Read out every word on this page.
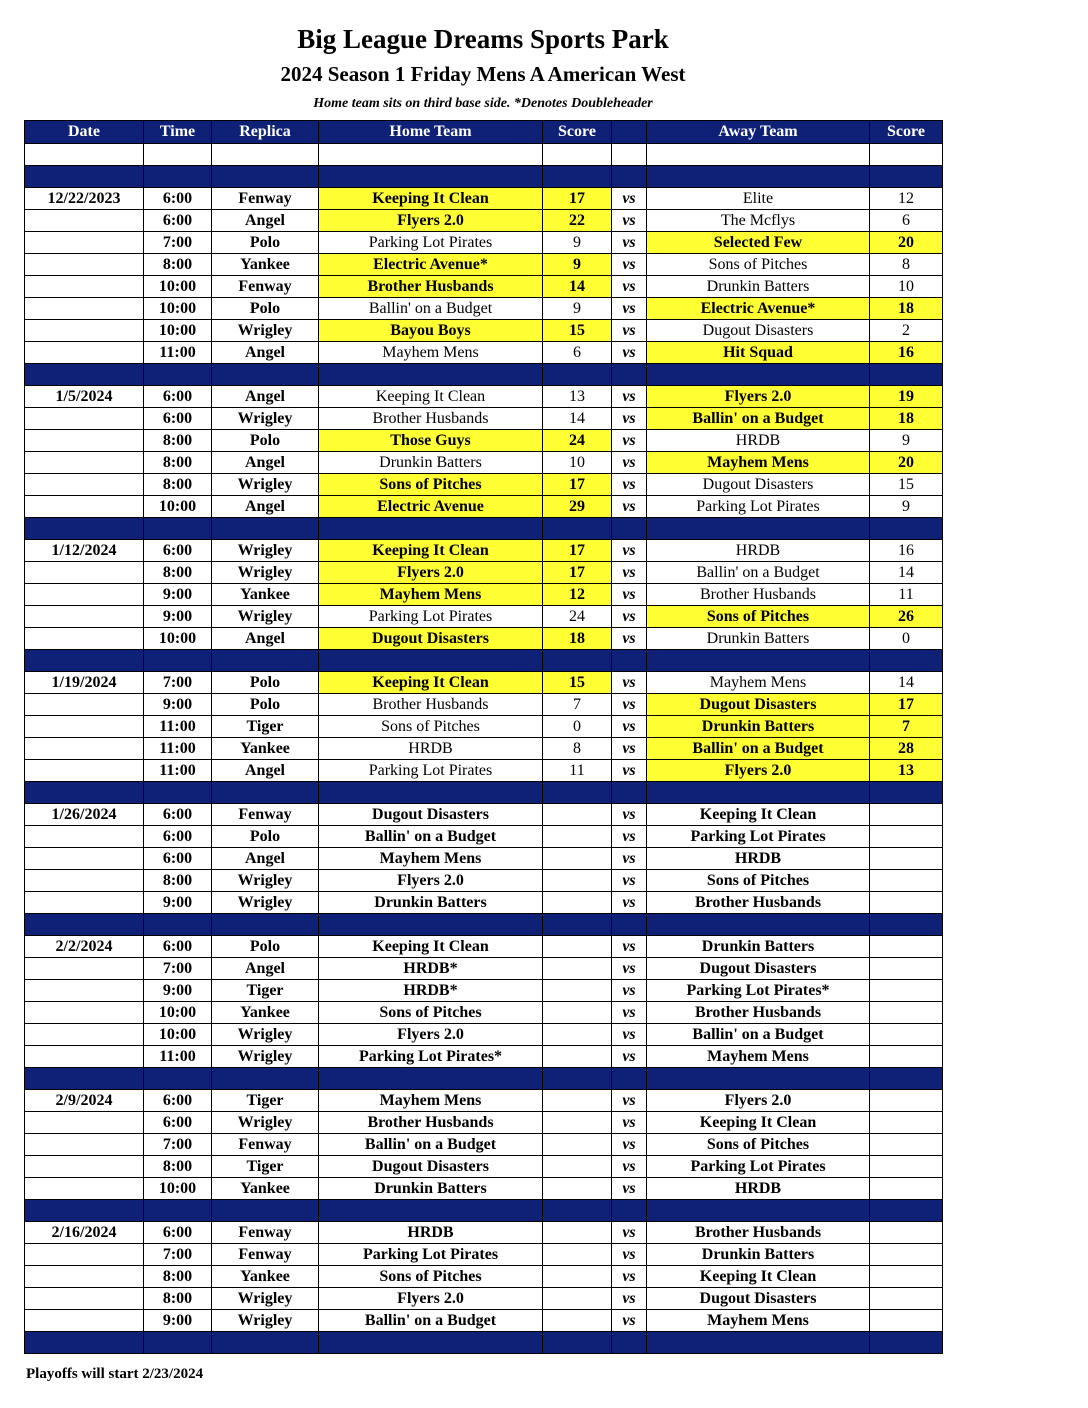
Big League Dreams Sports Park
2024 Season 1 Friday Mens A American West
Home team sits on third base side. *Denotes Doubleheader
Date	Time	Replica	Home Team	Score		Away Team	Score

12/22/2023	6:00	Fenway	Keeping It Clean	17	vs	Elite	12
	6:00	Angel	Flyers 2.0	22	vs	The Mcflys	6
	7:00	Polo	Parking Lot Pirates	9	vs	Selected Few	20
	8:00	Yankee	Electric Avenue*	9	vs	Sons of Pitches	8
	10:00	Fenway	Brother Husbands	14	vs	Drunkin Batters	10
	10:00	Polo	Ballin' on a Budget	9	vs	Electric Avenue*	18
	10:00	Wrigley	Bayou Boys	15	vs	Dugout Disasters	2
	11:00	Angel	Mayhem Mens	6	vs	Hit Squad	16

1/5/2024	6:00	Angel	Keeping It Clean	13	vs	Flyers 2.0	19
	6:00	Wrigley	Brother Husbands	14	vs	Ballin' on a Budget	18
	8:00	Polo	Those Guys	24	vs	HRDB	9
	8:00	Angel	Drunkin Batters	10	vs	Mayhem Mens	20
	8:00	Wrigley	Sons of Pitches	17	vs	Dugout Disasters	15
	10:00	Angel	Electric Avenue	29	vs	Parking Lot Pirates	9

1/12/2024	6:00	Wrigley	Keeping It Clean	17	vs	HRDB	16
	8:00	Wrigley	Flyers 2.0	17	vs	Ballin' on a Budget	14
	9:00	Yankee	Mayhem Mens	12	vs	Brother Husbands	11
	9:00	Wrigley	Parking Lot Pirates	24	vs	Sons of Pitches	26
	10:00	Angel	Dugout Disasters	18	vs	Drunkin Batters	0

1/19/2024	7:00	Polo	Keeping It Clean	15	vs	Mayhem Mens	14
	9:00	Polo	Brother Husbands	7	vs	Dugout Disasters	17
	11:00	Tiger	Sons of Pitches	0	vs	Drunkin Batters	7
	11:00	Yankee	HRDB	8	vs	Ballin' on a Budget	28
	11:00	Angel	Parking Lot Pirates	11	vs	Flyers 2.0	13

1/26/2024	6:00	Fenway	Dugout Disasters		vs	Keeping It Clean	
	6:00	Polo	Ballin' on a Budget		vs	Parking Lot Pirates	
	6:00	Angel	Mayhem Mens		vs	HRDB	
	8:00	Wrigley	Flyers 2.0		vs	Sons of Pitches	
	9:00	Wrigley	Drunkin Batters		vs	Brother Husbands	

2/2/2024	6:00	Polo	Keeping It Clean		vs	Drunkin Batters	
	7:00	Angel	HRDB*		vs	Dugout Disasters	
	9:00	Tiger	HRDB*		vs	Parking Lot Pirates*	
	10:00	Yankee	Sons of Pitches		vs	Brother Husbands	
	10:00	Wrigley	Flyers 2.0		vs	Ballin' on a Budget	
	11:00	Wrigley	Parking Lot Pirates*		vs	Mayhem Mens	

2/9/2024	6:00	Tiger	Mayhem Mens		vs	Flyers 2.0	
	6:00	Wrigley	Brother Husbands		vs	Keeping It Clean	
	7:00	Fenway	Ballin' on a Budget		vs	Sons of Pitches	
	8:00	Tiger	Dugout Disasters		vs	Parking Lot Pirates	
	10:00	Yankee	Drunkin Batters		vs	HRDB	

2/16/2024	6:00	Fenway	HRDB		vs	Brother Husbands	
	7:00	Fenway	Parking Lot Pirates		vs	Drunkin Batters	
	8:00	Yankee	Sons of Pitches		vs	Keeping It Clean	
	8:00	Wrigley	Flyers 2.0		vs	Dugout Disasters	
	9:00	Wrigley	Ballin' on a Budget		vs	Mayhem Mens	

Playoffs will start 2/23/2024
